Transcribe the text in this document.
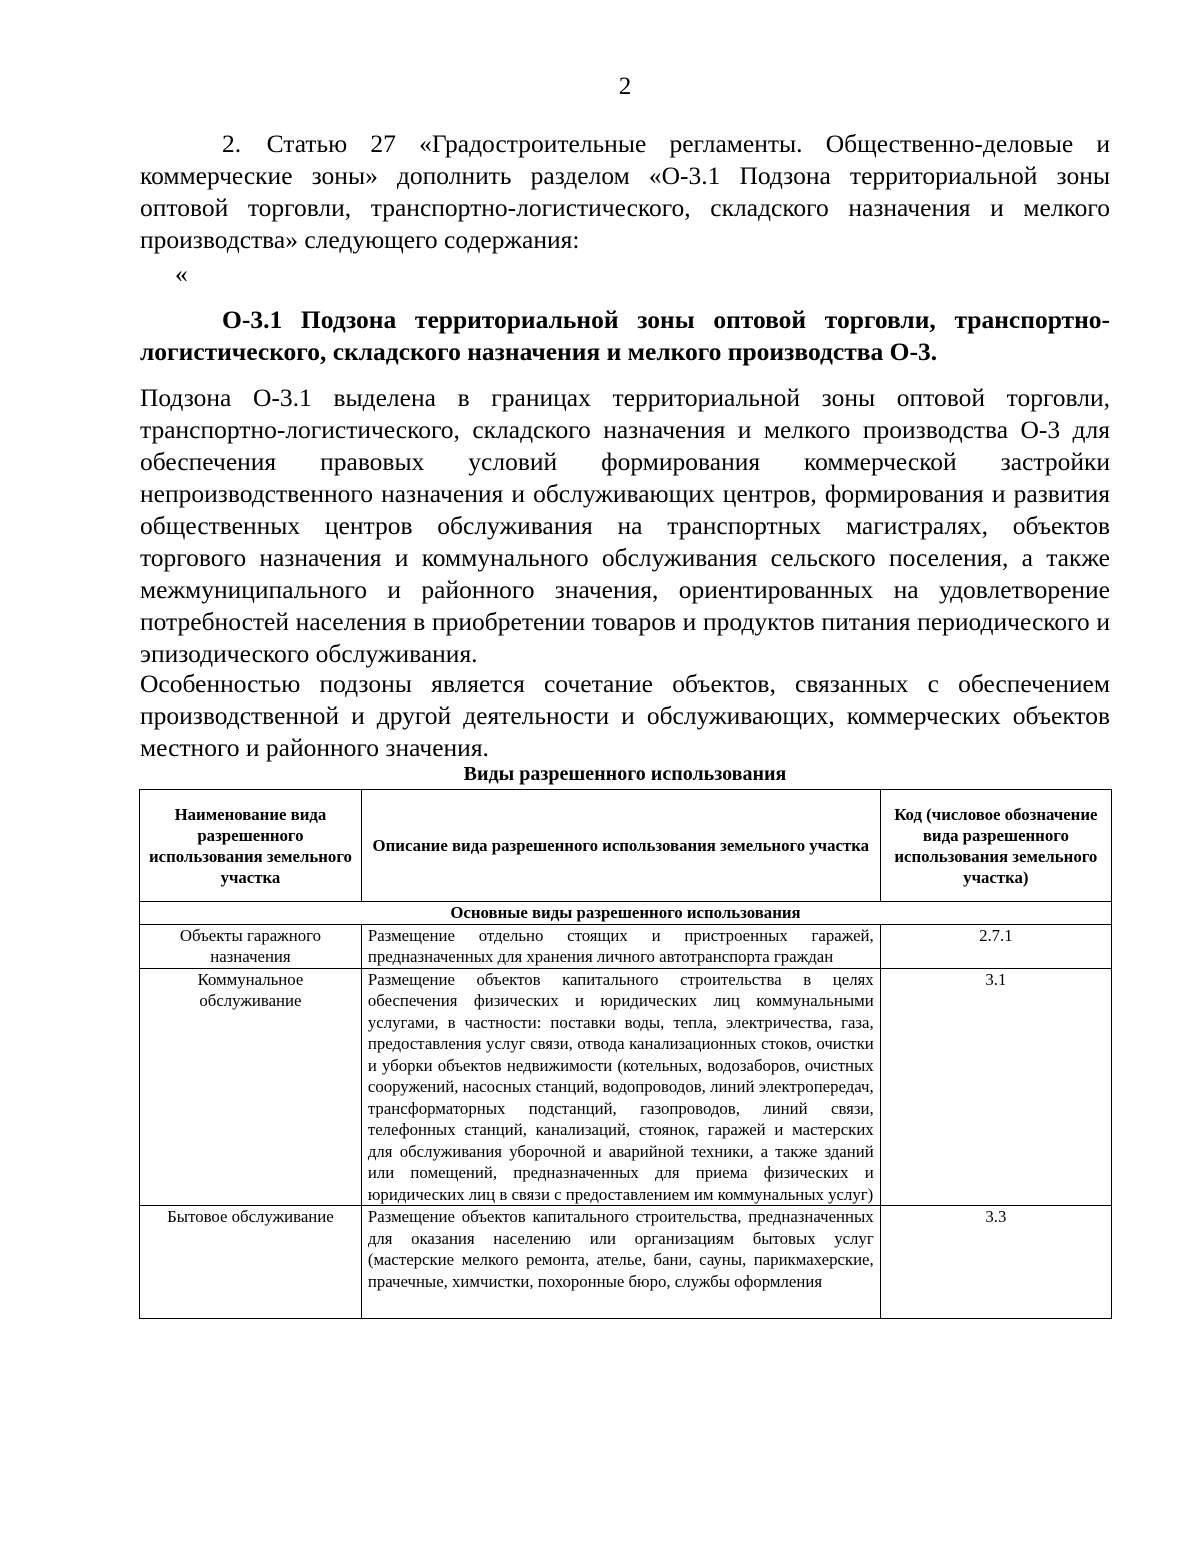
2

2. Статью 27 «Градостроительные регламенты. Общественно-деловые и коммерческие зоны» дополнить разделом «О-3.1 Подзона территориальной зоны оптовой торговли, транспортно-логистического, складского назначения и мелкого производства» следующего содержания:

«
О-3.1 Подзона территориальной зоны оптовой торговли, транспортно-логистического, складского назначения и мелкого производства О-3.

Подзона О-3.1 выделена в границах территориальной зоны оптовой торговли, транспортно-логистического, складского назначения и мелкого производства О-3 для обеспечения правовых условий формирования коммерческой застройки непроизводственного назначения и обслуживающих центров, формирования и развития общественных центров обслуживания на транспортных магистралях, объектов торгового назначения и коммунального обслуживания сельского поселения, а также межмуниципального и районного значения, ориентированных на удовлетворение потребностей населения в приобретении товаров и продуктов питания периодического и эпизодического обслуживания.

Особенностью подзоны является сочетание объектов, связанных с обеспечением производственной и другой деятельности и обслуживающих, коммерческих объектов местного и районного значения.

Виды разрешенного использования
Наименование вида разрешенного использования земельного участка	Описание вида разрешенного использования земельного участка	Код (числовое обозначение вида разрешенного использования земельного участка)
Основные виды разрешенного использования		
Объекты гаражного назначения	Размещение отдельно стоящих и пристроенных гаражей, предназначенных для хранения личного автотранспорта граждан	2.7.1
Коммунальное обслуживание	Размещение объектов капитального строительства в целях обеспечения физических и юридических лиц коммунальными услугами, в частности: поставки воды, тепла, электричества, газа, предоставления услуг связи, отвода канализационных стоков, очистки и уборки объектов недвижимости (котельных, водозаборов, очистных сооружений, насосных станций, водопроводов, линий электропередач, трансформаторных подстанций, газопроводов, линий связи, телефонных станций, канализаций, стоянок, гаражей и мастерских для обслуживания уборочной и аварийной техники, а также зданий или помещений, предназначенных для приема физических и юридических лиц в связи с предоставлением им коммунальных услуг)	3.1
Бытовое обслуживание	Размещение объектов капитального строительства, предназначенных для оказания населению или организациям бытовых услуг (мастерские мелкого ремонта, ателье, бани, сауны, парикмахерские, прачечные, химчистки, похоронные бюро, службы оформления	3.3
